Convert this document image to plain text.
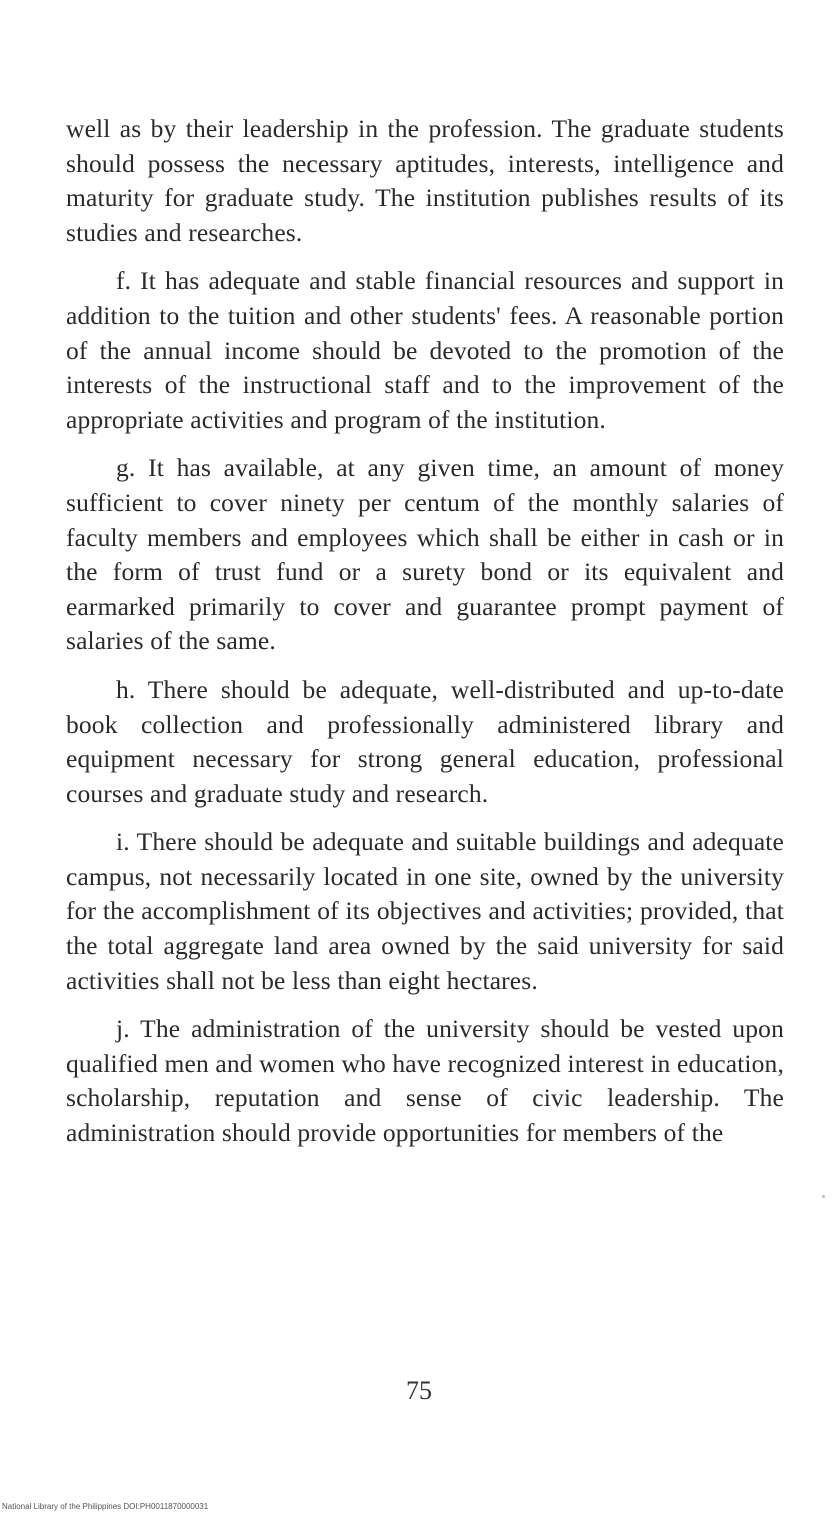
well as by their leadership in the profession. The graduate students should possess the necessary aptitudes, interests, intelligence and maturity for graduate study. The institution publishes results of its studies and researches.

f. It has adequate and stable financial resources and support in addition to the tuition and other students' fees. A reasonable portion of the annual income should be devoted to the promotion of the interests of the instructional staff and to the improvement of the appropriate activities and program of the institution.

g. It has available, at any given time, an amount of money sufficient to cover ninety per centum of the monthly salaries of faculty members and employees which shall be either in cash or in the form of trust fund or a surety bond or its equivalent and earmarked primarily to cover and guarantee prompt payment of salaries of the same.

h. There should be adequate, well-distributed and up-to-date book collection and professionally administered library and equipment necessary for strong general education, professional courses and graduate study and research.

i. There should be adequate and suitable buildings and adequate campus, not necessarily located in one site, owned by the university for the accomplishment of its objectives and activities; provided, that the total aggregate land area owned by the said university for said activities shall not be less than eight hectares.

j. The administration of the university should be vested upon qualified men and women who have recognized interest in education, scholarship, reputation and sense of civic leadership. The administration should provide opportunities for members of the

75
National Library of the Philippines DOI:PH0011870000031
